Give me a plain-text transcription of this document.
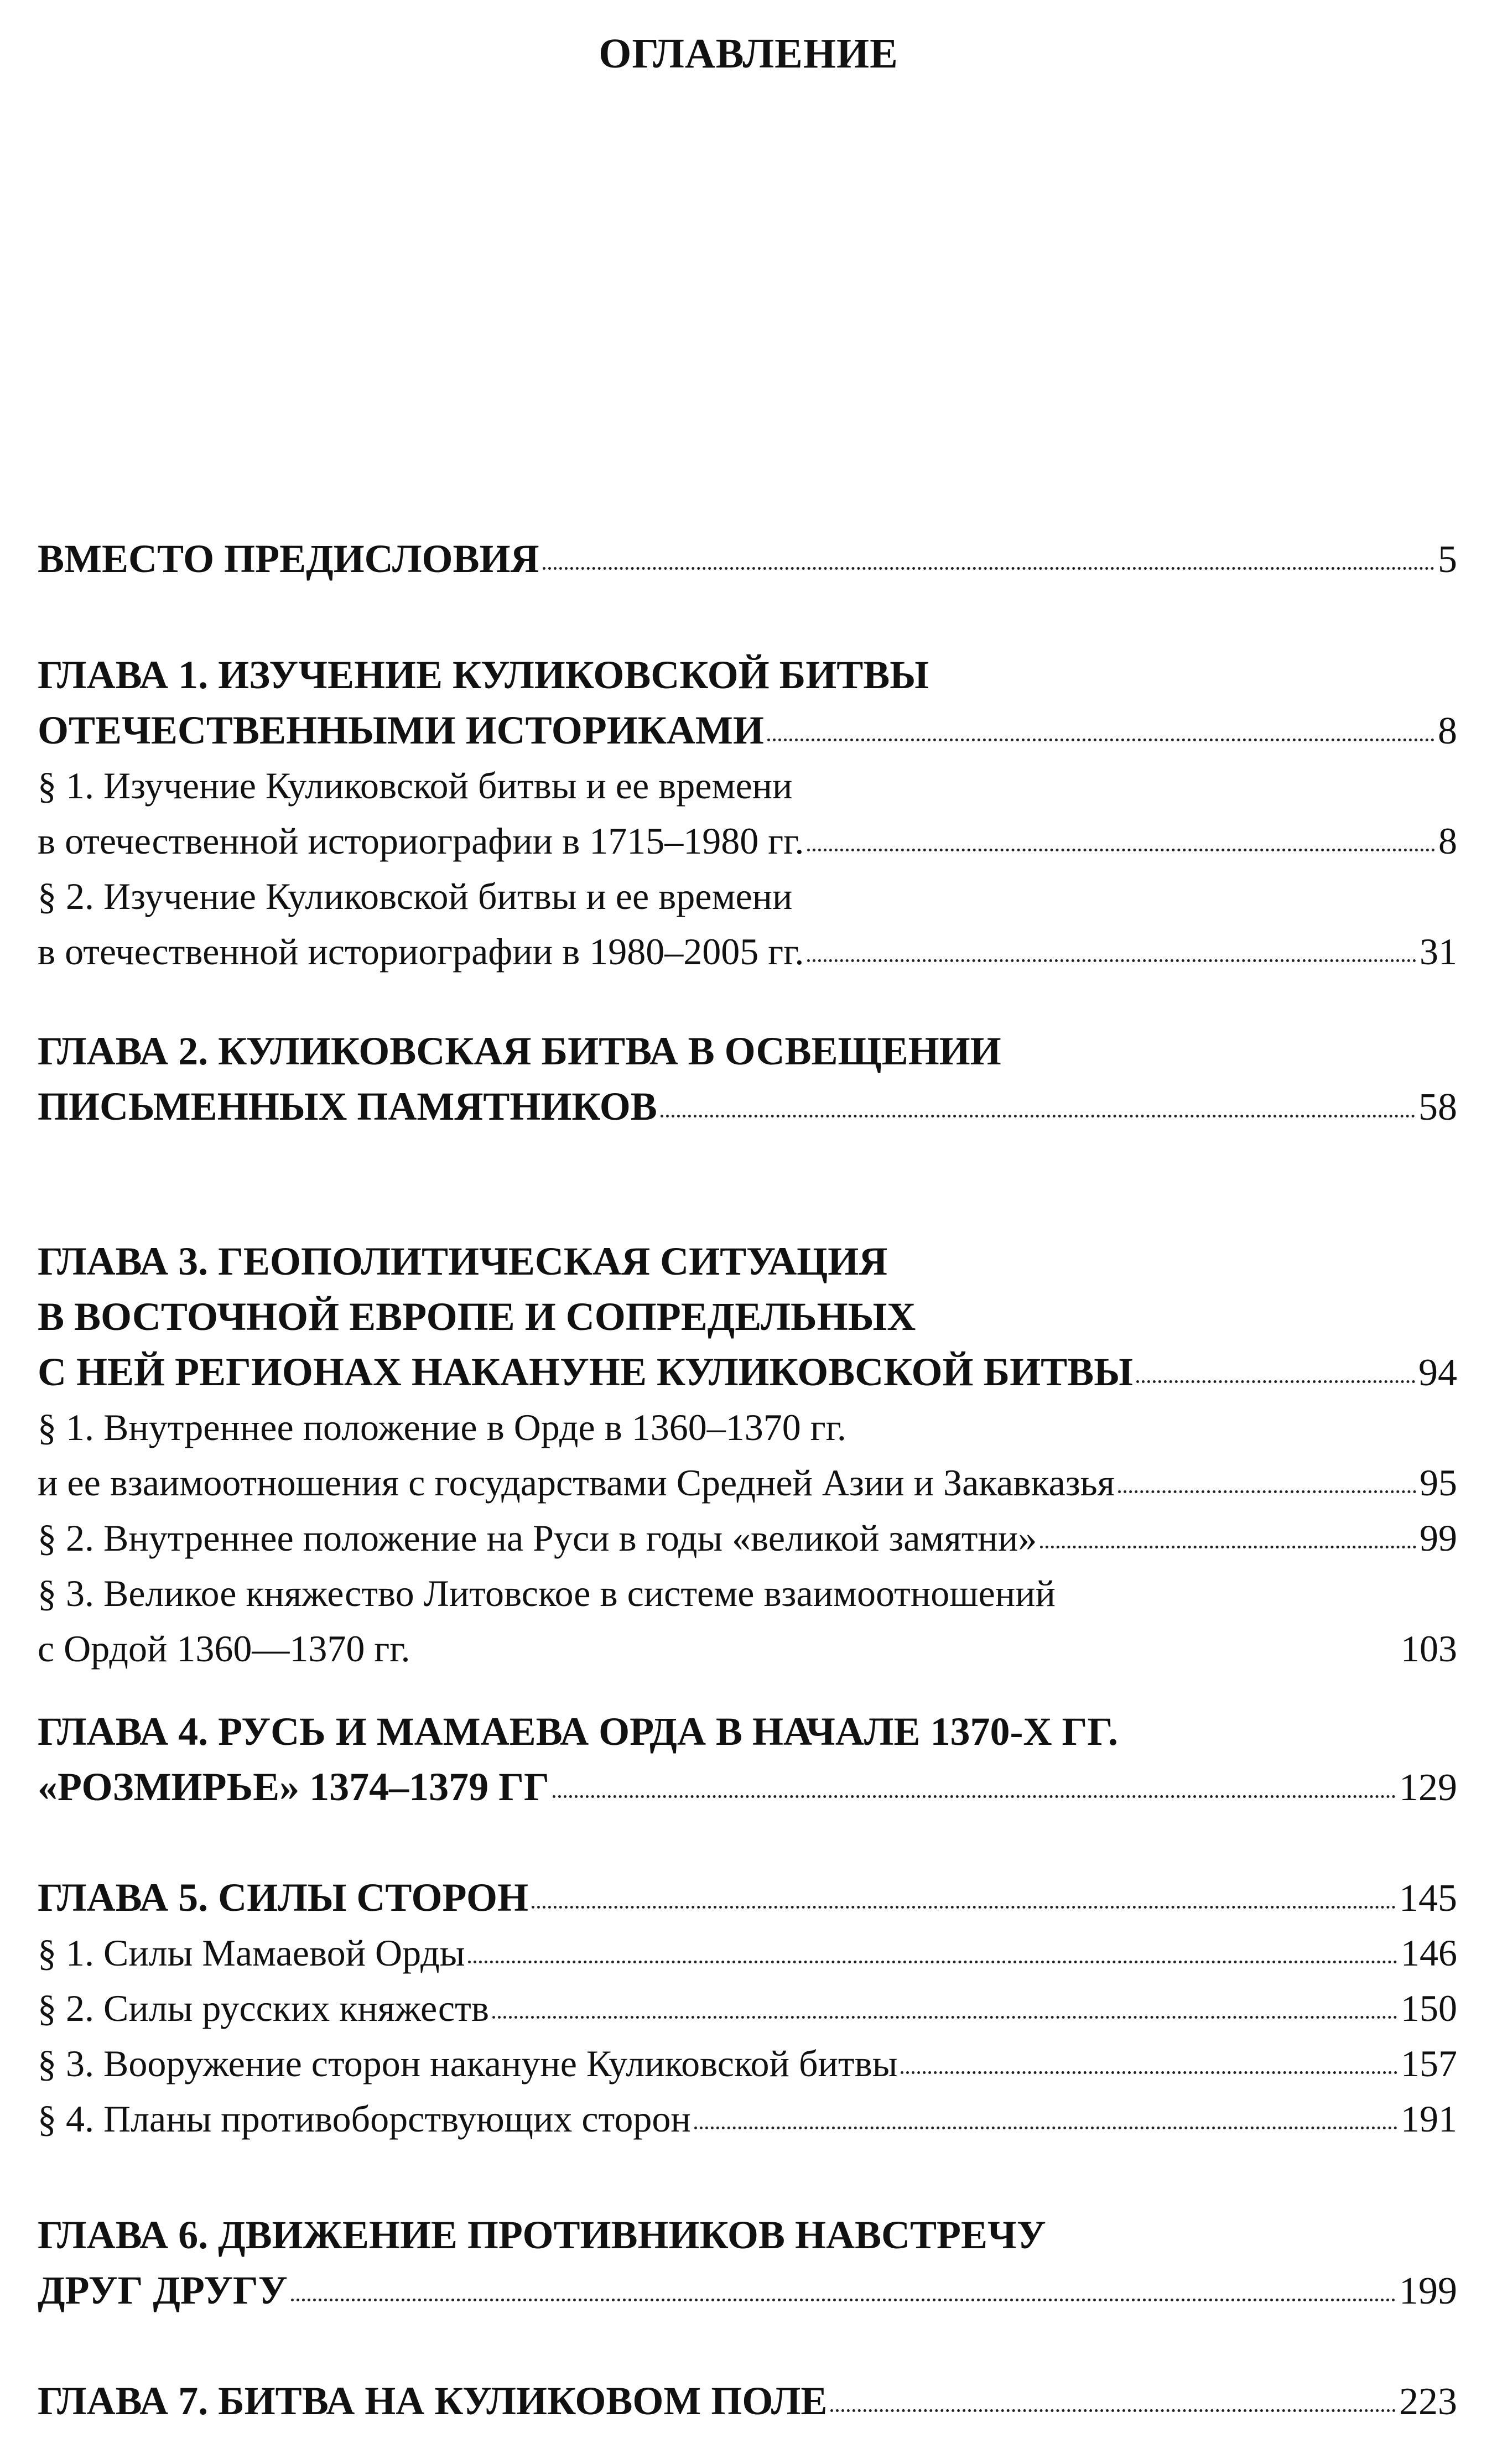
ОГЛАВЛЕНИЕ
ВМЕСТО ПРЕДИСЛОВИЯ	5
ГЛАВА 1. ИЗУЧЕНИЕ КУЛИКОВСКОЙ БИТВЫ
ОТЕЧЕСТВЕННЫМИ ИСТОРИКАМИ	8
§ 1. Изучение Куликовской битвы и ее времени
в отечественной историографии в 1715–1980 гг.	8
§ 2. Изучение Куликовской битвы и ее времени
в отечественной историографии в 1980–2005 гг.	31
ГЛАВА 2. КУЛИКОВСКАЯ БИТВА В ОСВЕЩЕНИИ
ПИСЬМЕННЫХ ПАМЯТНИКОВ	58
ГЛАВА 3. ГЕОПОЛИТИЧЕСКАЯ СИТУАЦИЯ
В ВОСТОЧНОЙ ЕВРОПЕ И СОПРЕДЕЛЬНЫХ
С НЕЙ РЕГИОНАХ НАКАНУНЕ КУЛИКОВСКОЙ БИТВЫ	94
§ 1. Внутреннее положение в Орде в 1360–1370 гг.
и ее взаимоотношения с государствами Средней Азии и Закавказья	95
§ 2. Внутреннее положение на Руси в годы «великой замятни»	99
§ 3. Великое княжество Литовское в системе взаимоотношений
с Ордой 1360—1370 гг.	103
ГЛАВА 4. РУСЬ И МАМАЕВА ОРДА В НАЧАЛЕ 1370-Х ГГ.
«РОЗМИРЬЕ» 1374–1379 ГГ	129
ГЛАВА 5. СИЛЫ СТОРОН	145
§ 1. Силы Мамаевой Орды	146
§ 2. Силы русских княжеств	150
§ 3. Вооружение сторон накануне Куликовской битвы	157
§ 4. Планы противоборствующих сторон	191
ГЛАВА 6. ДВИЖЕНИЕ ПРОТИВНИКОВ НАВСТРЕЧУ
ДРУГ ДРУГУ	199
ГЛАВА 7. БИТВА НА КУЛИКОВОМ ПОЛЕ	223
